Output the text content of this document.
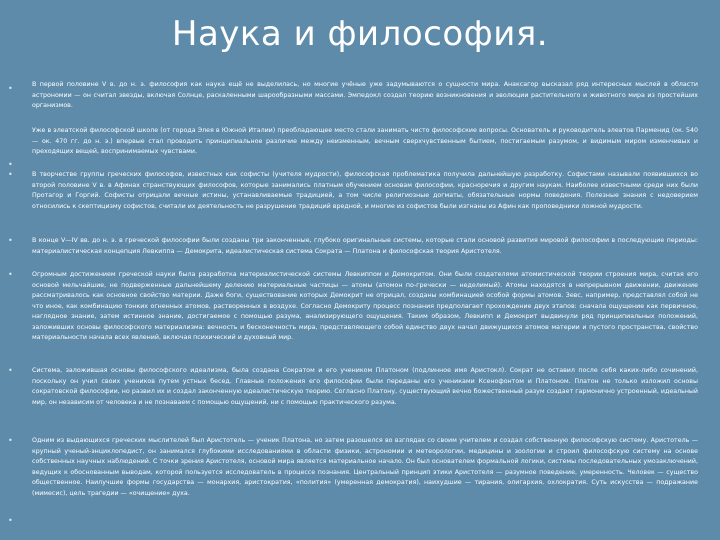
Наука и философия.
•	В первой половине V в. до н. э. философия как наука ещё не выделилась, но многие учёные уже задумываются о сущности мира. Анаксагор высказал ряд интересных мыслей в области астрономии — он считал звезды, включая Солнце, раскаленными шарообразными массами. Эмпедокл создал теорию возникновения и эволюции растительного и животного мира из простейших организмов.
•
Уже в элеатской философской школе (от города Элея в Южной Италии) преобладающее место стали занимать чисто философские вопросы. Основатель и руководитель элеатов Парменид (ок. 540 — ок. 470 гг. до н. э.) впервые стал проводить принципиальное различие между неизменным, вечным сверхчувственным бытием, постигаемым разумом, и видимым миром изменчивых и преходящих вещей, воспринимаемых чувствами.
•	В творчестве группы греческих философов, известных как софисты (учителя мудрости), философская проблематика получила дальнейшую разработку. Софистами называли появившихся во второй половине V в. в Афинах странствующих философов, которые занимались платным обучением основам философии, красноречия и другим наукам. Наиболее известными среди них были Протагор и Горгий. Софисты отрицали вечные истины, устанавливаемые традицией, а том числе религиозные догматы, обязательные нормы поведения. Полезные знания с недоверием относились к скептицизму софистов, считали их деятельность не разрушение традиций вредной, и многие из софистов были изгнаны из Афин как проповедники ложной мудрости.
•	В конце V—IV вв. до н. э. в греческой философии были созданы три законченные, глубоко оригинальные системы, которые стали основой развития мировой философии в последующие периоды: материалистическая концепция Левкиппа — Демокрита, идеалистическая система Сократа — Платона и философская теория Аристотеля.
•	Огромным достижением греческой науки была разработка материалистической системы Левкиппом и Демокритом. Они были создателями атомистической теории строения мира, считая его основой мельчайшие, не подверженные дальнейшему делению материальные частицы — атомы (атомон по-гречески — неделимый). Атомы находятся в непрерывном движении, движение рассматривалось как основное свойство материи. Даже боги, существование которых Демокрит не отрицал, созданы комбинацией особой формы атомов. Зевс, например, представлял собой не что иное, как комбинацию тонких огненных атомов, растворенных в воздухе. Согласно Демокриту процесс познания предполагает прохождение двух этапов: сначала ощущение как первичное, наглядное знание, затем истинное знание, достигаемое с помощью разума, анализирующего ощущения. Таким образом, Левкипп и Демокрит выдвинули ряд принципиальных положений, заложивших основы философского материализма: вечность и бесконечность мира, представляющего собой единство двух начал движущихся атомов материи и пустого пространства, свойство материальности начала всех явлений, включая психический и духовный мир.
•	Система, заложившая основы философского идеализма, была создана Сократом и его учеником Платоном (подлинное имя Аристокл). Сократ не оставил после себя каких-либо сочинений, поскольку он учил своих учеников путем устных бесед. Главные положения его философии были переданы его учениками Ксенофонтом и Платоном. Платон не только изложил основы сократовской философии, но развил их и создал законченную идеалистическую теорию. Согласно Платону, существующий вечно божественный разум создает гармонично устроенный, идеальный мир, он независим от человека и не познаваем с помощью ощущений, ни с помощью практического разума.
•	Одним из выдающихся греческих мыслителей был Аристотель — ученик Платона, но затем разошелся во взглядах со своим учителем и создал собственную философскую систему. Аристотель — крупный ученый-энциклопедист, он занимался глубокими исследованиями в области физики, астрономии и метеорологии, медицины и зоологии и строил философскую систему на основе собственных научных наблюдений. С точки зрения Аристотеля, основой мира является материальное начало. Он был основателем формальной логики, системы последовательных умозаключений, ведущих к обоснованным выводам, которой пользуется исследователь в процессе познания. Центральный принцип этики Аристотеля — разумное поведение, умеренность. Человек — существо общественное. Наилучшие формы государства — монархия, аристократия, «полития» (умеренная демократия), наихудшие — тирания, олигархия, охлократия. Суть искусства — подражание (мимесис), цель трагедии — «очищение» духа.
•
